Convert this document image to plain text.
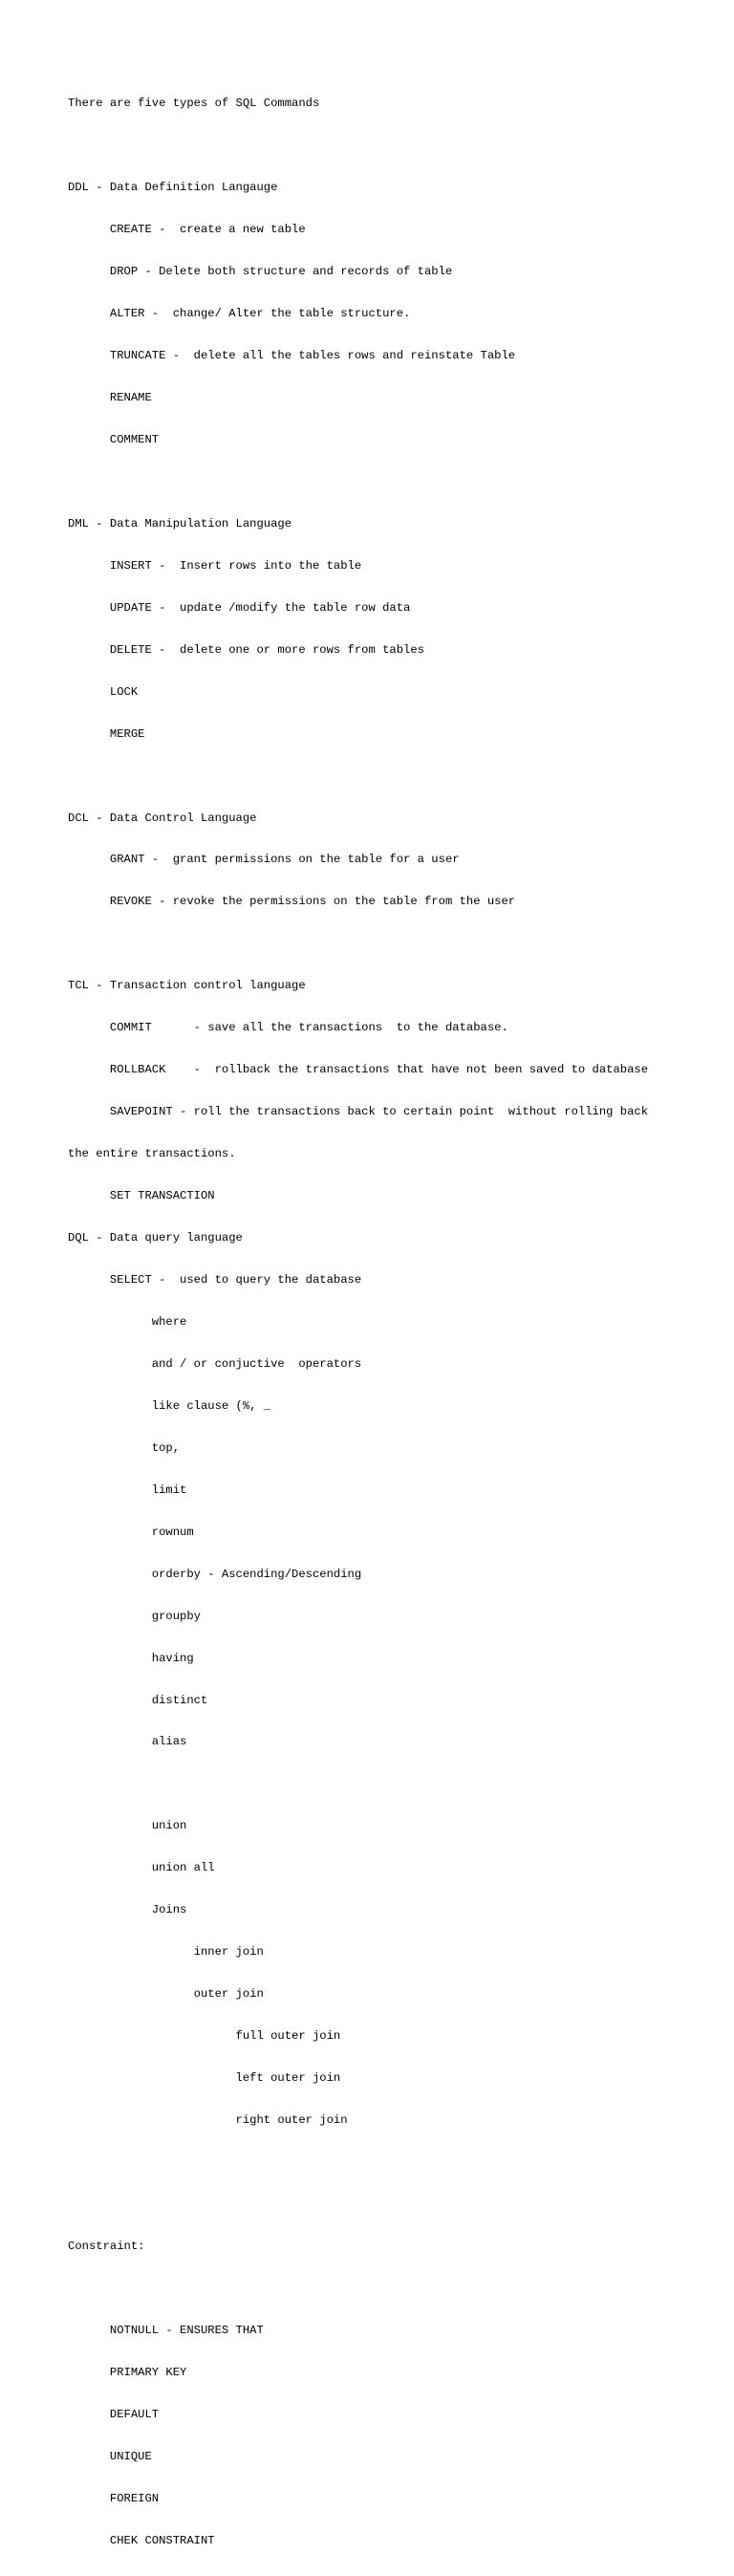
There are five types of SQL Commands

DDL - Data Definition Langauge

CREATE -  create a new table

DROP - Delete both structure and records of table

ALTER -  change/ Alter the table structure.

TRUNCATE -  delete all the tables rows and reinstate Table

RENAME

COMMENT

DML - Data Manipulation Language

INSERT -  Insert rows into the table

UPDATE -  update /modify the table row data

DELETE -  delete one or more rows from tables

LOCK

MERGE

DCL - Data Control Language

GRANT -  grant permissions on the table for a user

REVOKE - revoke the permissions on the table from the user

TCL - Transaction control language

COMMIT      - save all the transactions  to the database.

ROLLBACK    -  rollback the transactions that have not been saved to database

SAVEPOINT - roll the transactions back to certain point  without rolling back

the entire transactions.

SET TRANSACTION

DQL - Data query language

SELECT -  used to query the database

where

and / or conjuctive  operators

like clause (%, _

top,

limit

rownum

orderby - Ascending/Descending

groupby

having

distinct

alias

union

union all

Joins

inner join

outer join

full outer join

left outer join

right outer join

Constraint:

NOTNULL - ENSURES THAT

PRIMARY KEY

DEFAULT

UNIQUE

FOREIGN

CHEK CONSTRAINT
